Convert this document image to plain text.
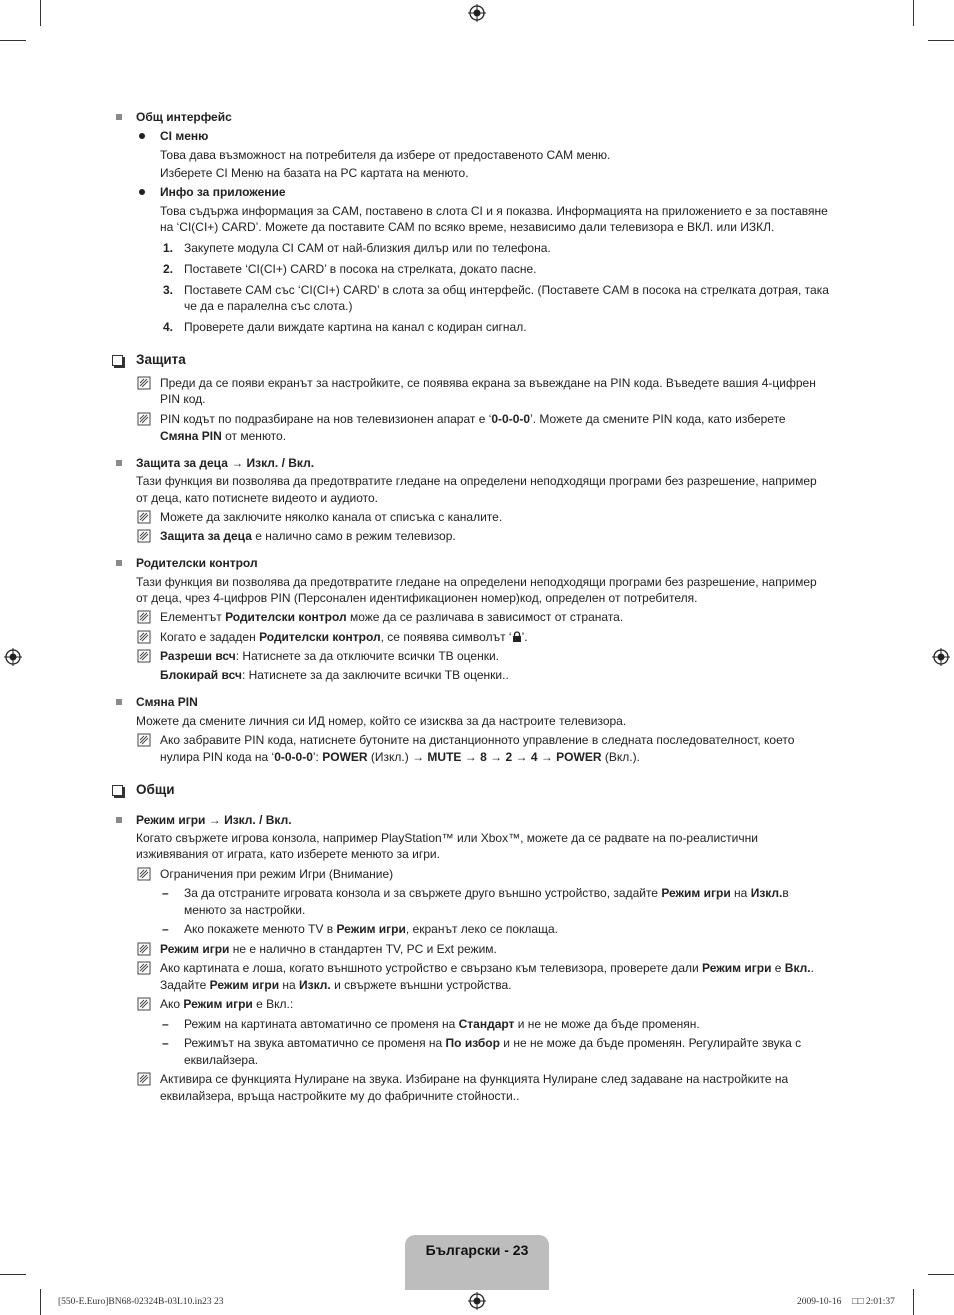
Общ интерфейс
CI меню
Това дава възможност на потребителя да избере от предоставеното CAM меню.
Изберете CI Меню на базата на PC картата на менюто.
Инфо за приложение
Това съдържа информация за CAM, поставено в слота CI и я показва. Информацията на приложението е за поставяне
на ‘CI(CI+) CARD’. Можете да поставите CAM по всяко време, независимо дали телевизора е ВКЛ. или ИЗКЛ.
1. Закупете модула CI CAM от най-близкия дилър или по телефона.
2. Поставете ‘CI(CI+) CARD’ в посока на стрелката, докато пасне.
3. Поставете CAM със ‘CI(CI+) CARD’ в слота за общ интерфейс. (Поставете CAM в посока на стрелката дотрая, така
че да е паралелна със слота.)
4. Проверете дали виждате картина на канал с кодиран сигнал.
Защита
Преди да се появи екранът за настройките, се появява екрана за въвеждане на PIN кода. Въведете вашия 4-цифрен
PIN код.
PIN кодът по подразбиране на нов телевизионен апарат е ‘0-0-0-0’. Можете да смените PIN кода, като изберете
Смяна PIN от менюто.
Защита за деца → Изкл. / Вкл.
Тази функция ви позволява да предотвратите гледане на определени неподходящи програми без разрешение, например
от деца, като потиснете видеото и аудиото.
Можете да заключите няколко канала от списъка с каналите.
Защита за деца е налично само в режим телевизор.
Родителски контрол
Тази функция ви позволява да предотвратите гледане на определени неподходящи програми без разрешение, например
от деца, чрез 4-цифров PIN (Персонален идентификационен номер)код, определен от потребителя.
Елементът Родителски контрол може да се различава в зависимост от страната.
Когато е зададен Родителски контрол, се появява символът ‘ ’.
Разреши всч: Натиснете за да отключите всички ТВ оценки.
Блокирай всч: Натиснете за да заключите всички ТВ оценки..
Смяна PIN
Можете да смените личния си ИД номер, който се изисква за да настроите телевизора.
Ако забравите PIN кода, натиснете бутоните на дистанционното управление в следната последователност, което
нулира PIN кода на ‘0-0-0-0’: POWER (Изкл.) → MUTE → 8 → 2 → 4 → POWER (Вкл.).
Общи
Режим игри → Изкл. / Вкл.
Когато свържете игрова конзола, например PlayStation™ или Xbox™, можете да се радвате на по-реалистични
изживявания от играта, като изберете менюто за игри.
Ограничения при режим Игри (Внимание)
– За да отстраните игровата конзола и за свържете друго външно устройство, задайте Режим игри на Изкл.в
менюто за настройки.
– Ако покажете менюто TV в Режим игри, екранът леко се поклаща.
Режим игри не е налично в стандартен TV, PC и Ext режим.
Ако картината е лоша, когато външното устройство е свързано към телевизора, проверете дали Режим игри е Вкл..
Задайте Режим игри на Изкл. и свържете външни устройства.
Ако Режим игри е Вкл.:
– Режим на картината автоматично се променя на Стандарт и не не може да бъде променян.
– Режимът на звука автоматично се променя на По избор и не не може да бъде променян. Регулирайте звука с
еквилайзера.
Активира се функцията Нулиране на звука. Избиране на функцията Нулиране след задаване на настройките на
еквилайзера, връща настройките му до фабричните стойности..
Български - 23
[550-E.Euro]BN68-02324B-03L10.in23 23	2009-10-16 □□ 2:01:37
